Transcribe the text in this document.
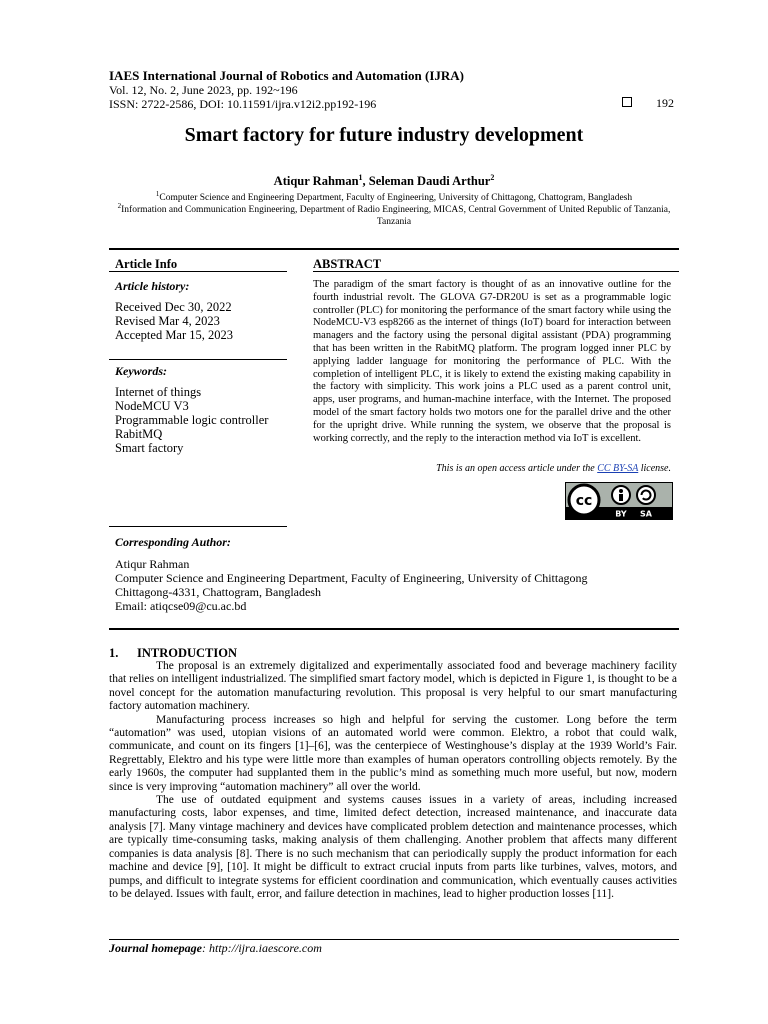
IAES International Journal of Robotics and Automation (IJRA)
Vol. 12, No. 2, June 2023, pp. 192~196
ISSN: 2722-2586, DOI: 10.11591/ijra.v12i2.pp192-196	192
Smart factory for future industry development
Atiqur Rahman$^1$, Seleman Daudi Arthur$^2$
$^1$Computer Science and Engineering Department, Faculty of Engineering, University of Chittagong, Chattogram, Bangladesh
$^2$Information and Communication Engineering, Department of Radio Engineering, MICAS, Central Government of United Republic of Tanzania, Tanzania
Article Info
Article history:
Received Dec 30, 2022
Revised Mar 4, 2023
Accepted Mar 15, 2023
Keywords:
Internet of things
NodeMCU V3
Programmable logic controller
RabitMQ
Smart factory
ABSTRACT
The paradigm of the smart factory is thought of as an innovative outline for the fourth industrial revolt. The GLOVA G7-DR20U is set as a programmable logic controller (PLC) for monitoring the performance of the smart factory while using the NodeMCU-V3 esp8266 as the internet of things (IoT) board for interaction between managers and the factory using the personal digital assistant (PDA) programming that has been written in the RabitMQ platform. The program logged inner PLC by applying ladder language for monitoring the performance of PLC. With the completion of intelligent PLC, it is likely to extend the existing making capability in the factory with simplicity. This work joins a PLC used as a parent control unit, apps, user programs, and human-machine interface, with the Internet. The proposed model of the smart factory holds two motors one for the parallel drive and the other for the upright drive. While running the system, we observe that the proposal is working correctly, and the reply to the interaction method via IoT is excellent.
This is an open access article under the CC BY-SA license.
cc
BY SA
Corresponding Author:
Atiqur Rahman
Computer Science and Engineering Department, Faculty of Engineering, University of Chittagong
Chittagong-4331, Chattogram, Bangladesh
Email: atiqcse09@cu.ac.bd
1. INTRODUCTION

The proposal is an extremely digitalized and experimentally associated food and beverage machinery facility that relies on intelligent industrialized. The simplified smart factory model, which is depicted in Figure 1, is thought to be a novel concept for the automation manufacturing revolution. This proposal is very helpful to our smart manufacturing factory automation machinery.

Manufacturing process increases so high and helpful for serving the customer. Long before the term “automation” was used, utopian visions of an automated world were common. Elektro, a robot that could walk, communicate, and count on its fingers [1]–[6], was the centerpiece of Westinghouse’s display at the 1939 World’s Fair. Regrettably, Elektro and his type were little more than examples of human operators controlling objects remotely. By the early 1960s, the computer had supplanted them in the public’s mind as something much more useful, but now, modern since is very improving “automation machinery” all over the world.

The use of outdated equipment and systems causes issues in a variety of areas, including increased manufacturing costs, labor expenses, and time, limited defect detection, increased maintenance, and inaccurate data analysis [7]. Many vintage machinery and devices have complicated problem detection and maintenance processes, which are typically time-consuming tasks, making analysis of them challenging. Another problem that affects many different companies is data analysis [8]. There is no such mechanism that can periodically supply the product information for each machine and device [9], [10]. It might be difficult to extract crucial inputs from parts like turbines, valves, motors, and pumps, and difficult to integrate systems for efficient coordination and communication, which eventually causes activities to be delayed. Issues with fault, error, and failure detection in machines, lead to higher production losses [11].

Journal homepage: http://ijra.iaescore.com
